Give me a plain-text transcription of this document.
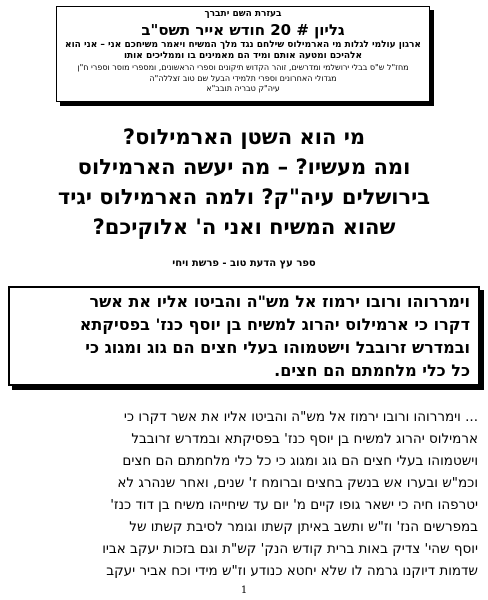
בעזרת השם יתברך
גליון # 20 חודש אייר תשס"ב
ארגון עולמי לגלות מי הארמילוס שילחם נגד מלך המשיח ויאמר משיחכם אני – אני הוא
אלהיכם ומטעה אותם ומיד הם מאמינים בו וממליכים אותו
מחז"ל ש"ס בבלי ירושלמי ומדרשים, זוהר הקדוש תיקונים וספרי הראשונים, ומספרי מוסר וספרי ח"ן
מגדולי האחרונים וספרי תלמידי הבעל שם טוב זצללה"ה
עיה"ק טבריה תובב"א
מי הוא השטן הארמילוס?
ומה מעשיו? – מה יעשה הארמילוס
בירושלים עיה"ק? ולמה הארמילוס יגיד
שהוא המשיח ואני ה' אלוקיכם?
ספר עץ הדעת טוב - פרשת ויחי
וימררוהו ורובו ירמוז אל מש"ה והביטו אליו את אשר
דקרו כי ארמילוס יהרוג למשיח בן יוסף כנז' בפסיקתא
ובמדרש זרובבל וישטמוהו בעלי חצים הם גוג ומגוג כי
כל כלי מלחמתם הם חצים.
... וימררוהו ורובו ירמוז אל מש"ה והביטו אליו את אשר דקרו כי
ארמילוס יהרוג למשיח בן יוסף כנז' בפסיקתא ובמדרש זרובבל
וישטמוהו בעלי חצים הם גוג ומגוג כי כל כלי מלחמתם הם חצים
וכמ"ש ובערו אש בנשק בחצים וברומח ז' שנים, ואחר שנהרג לא
יטרפהו חיה כי ישאר גופו קיים מ' יום עד שיחייהו משיח בן דוד כנז'
במפרשים הנז' וז"ש ותשב באיתן קשתו וגומר לסיבת קשתו של
יוסף שהי' צדיק באות ברית קודש הנק' קש"ת וגם בזכות יעקב אביו
שדמות דיוקנו גרמה לו שלא יחטא כנודע וז"ש מידי וכח אביר יעקב
1
